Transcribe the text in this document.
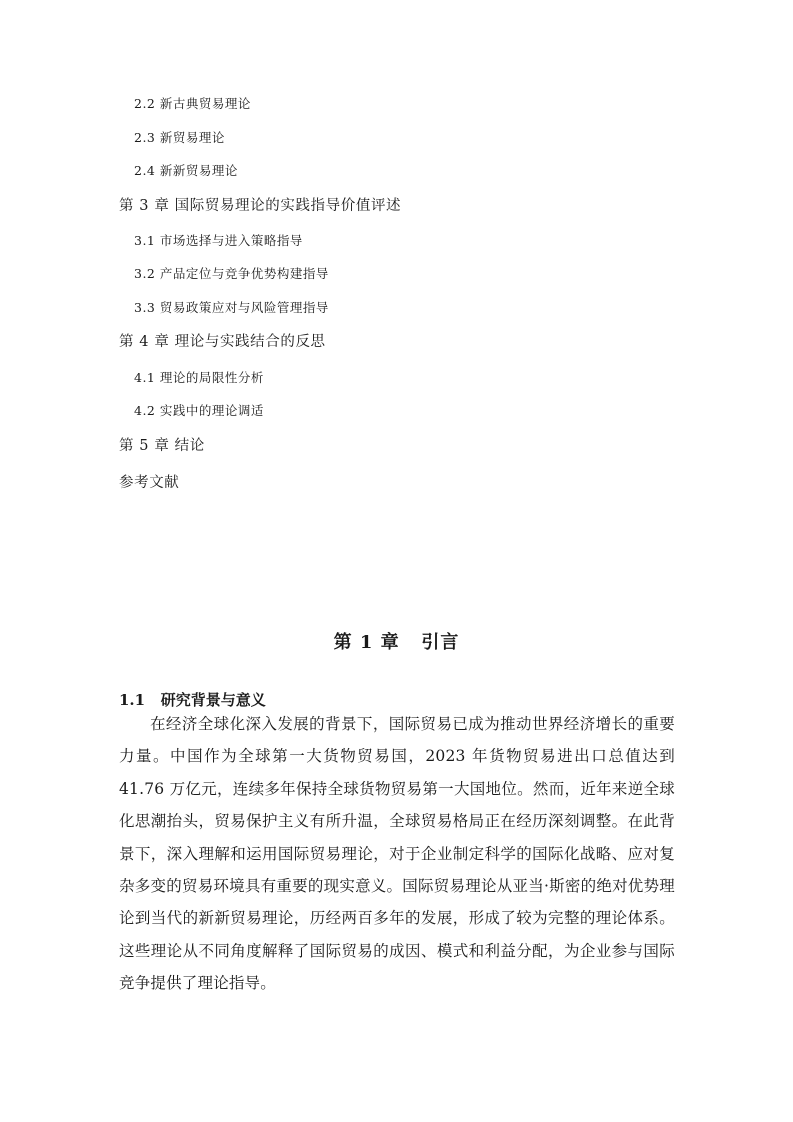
2.2 新古典贸易理论
2.3 新贸易理论
2.4 新新贸易理论
第 3 章 国际贸易理论的实践指导价值评述
3.1 市场选择与进入策略指导
3.2 产品定位与竞争优势构建指导
3.3 贸易政策应对与风险管理指导
第 4 章 理论与实践结合的反思
4.1 理论的局限性分析
4.2 实践中的理论调适
第 5 章 结论
参考文献
第 1 章   引言
1.1   研究背景与意义

在经济全球化深入发展的背景下，国际贸易已成为推动世界经济增长的重要力量。中国作为全球第一大货物贸易国，2023 年货物贸易进出口总值达到 41.76 万亿元，连续多年保持全球货物贸易第一大国地位。然而，近年来逆全球化思潮抬头，贸易保护主义有所升温，全球贸易格局正在经历深刻调整。在此背景下，深入理解和运用国际贸易理论，对于企业制定科学的国际化战略、应对复杂多变的贸易环境具有重要的现实意义。国际贸易理论从亚当·斯密的绝对优势理论到当代的新新贸易理论，历经两百多年的发展，形成了较为完整的理论体系。这些理论从不同角度解释了国际贸易的成因、模式和利益分配，为企业参与国际竞争提供了理论指导。
